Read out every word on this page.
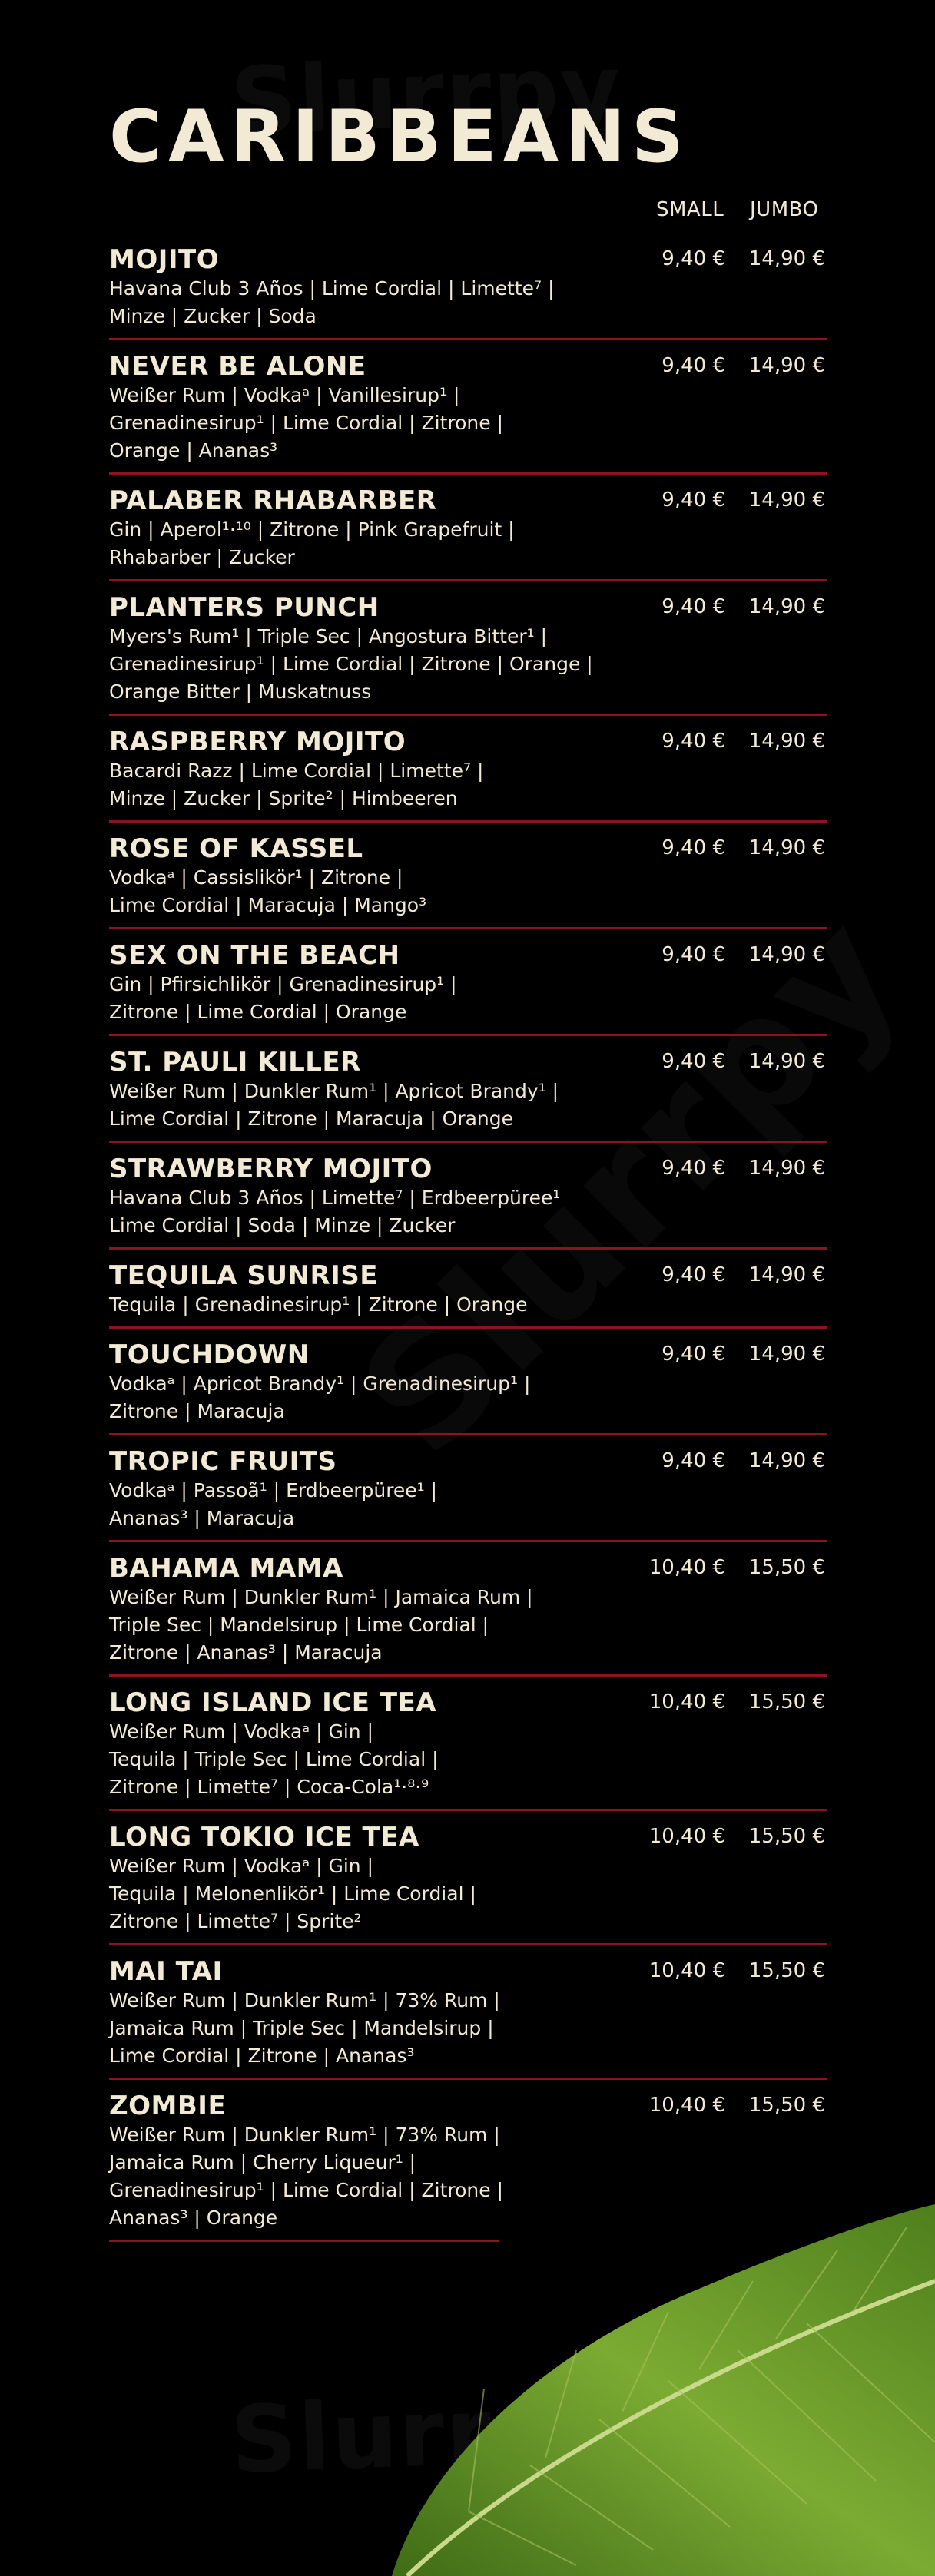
CARIBBEANS
SMALL JUMBO
MOJITO
Havana Club 3 Años | Lime Cordial | Limette⁷ |
Minze | Zucker | Soda
9,40 €	14,90 €
NEVER BE ALONE
Weißer Rum | Vodkaᵃ | Vanillesirup¹ |
Grenadinesirup¹ | Lime Cordial | Zitrone |
Orange | Ananas³
9,40 €	14,90 €
PALABER RHABARBER
Gin | Aperol¹·¹⁰ | Zitrone | Pink Grapefruit |
Rhabarber | Zucker
9,40 €	14,90 €
PLANTERS PUNCH
Myers's Rum¹ | Triple Sec | Angostura Bitter¹ |
Grenadinesirup¹ | Lime Cordial | Zitrone | Orange |
Orange Bitter | Muskatnuss
9,40 €	14,90 €
RASPBERRY MOJITO
Bacardi Razz | Lime Cordial | Limette⁷ |
Minze | Zucker | Sprite² | Himbeeren
9,40 €	14,90 €
ROSE OF KASSEL
Vodkaᵃ | Cassislikör¹ | Zitrone |
Lime Cordial | Maracuja | Mango³
9,40 €	14,90 €
SEX ON THE BEACH
Gin | Pfirsichlikör | Grenadinesirup¹ |
Zitrone | Lime Cordial | Orange
9,40 €	14,90 €
ST. PAULI KILLER
Weißer Rum | Dunkler Rum¹ | Apricot Brandy¹ |
Lime Cordial | Zitrone | Maracuja | Orange
9,40 €	14,90 €
STRAWBERRY MOJITO
Havana Club 3 Años | Limette⁷ | Erdbeerpüree¹
Lime Cordial | Soda | Minze | Zucker
9,40 €	14,90 €
TEQUILA SUNRISE
Tequila | Grenadinesirup¹ | Zitrone | Orange
9,40 €	14,90 €
TOUCHDOWN
Vodkaᵃ | Apricot Brandy¹ | Grenadinesirup¹ |
Zitrone | Maracuja
9,40 €	14,90 €
TROPIC FRUITS
Vodkaᵃ | Passoã¹ | Erdbeerpüree¹ |
Ananas³ | Maracuja
9,40 €	14,90 €
BAHAMA MAMA
Weißer Rum | Dunkler Rum¹ | Jamaica Rum |
Triple Sec | Mandelsirup | Lime Cordial |
Zitrone | Ananas³ | Maracuja
10,40 €	15,50 €
LONG ISLAND ICE TEA
Weißer Rum | Vodkaᵃ | Gin |
Tequila | Triple Sec | Lime Cordial |
Zitrone | Limette⁷ | Coca-Cola¹·⁸·⁹
10,40 €	15,50 €
LONG TOKIO ICE TEA
Weißer Rum | Vodkaᵃ | Gin |
Tequila | Melonenlikör¹ | Lime Cordial |
Zitrone | Limette⁷ | Sprite²
10,40 €	15,50 €
MAI TAI
Weißer Rum | Dunkler Rum¹ | 73% Rum |
Jamaica Rum | Triple Sec | Mandelsirup |
Lime Cordial | Zitrone | Ananas³
10,40 €	15,50 €
ZOMBIE
Weißer Rum | Dunkler Rum¹ | 73% Rum |
Jamaica Rum | Cherry Liqueur¹ |
Grenadinesirup¹ | Lime Cordial | Zitrone |
Ananas³ | Orange
10,40 €	15,50 €
